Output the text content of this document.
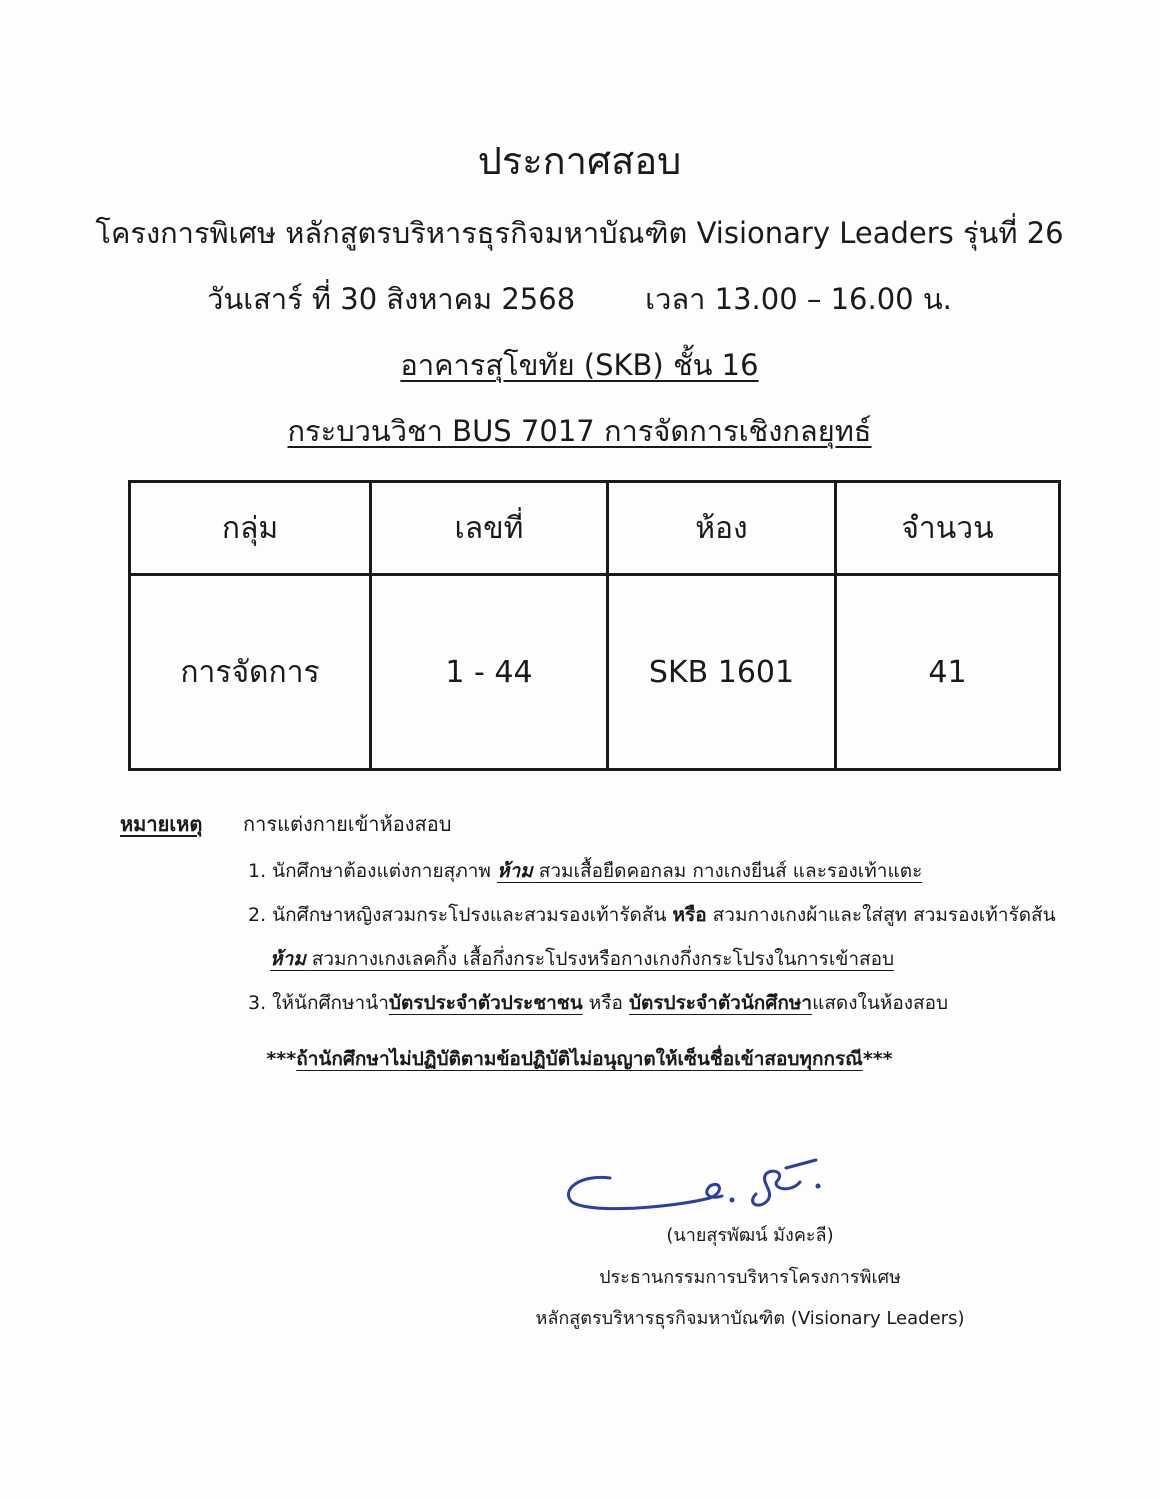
ประกาศสอบ
โครงการพิเศษ หลักสูตรบริหารธุรกิจมหาบัณฑิต Visionary Leaders รุ่นที่ 26
วันเสาร์ ที่ 30 สิงหาคม 2568 เวลา 13.00 – 16.00 น.
อาคารสุโขทัย (SKB) ชั้น 16
กระบวนวิชา BUS 7017 การจัดการเชิงกลยุทธ์
กลุ่ม	เลขที่	ห้อง	จำนวน
การจัดการ	1 - 44	SKB 1601	41
หมายเหตุ การแต่งกายเข้าห้องสอบ
1. นักศึกษาต้องแต่งกายสุภาพ ห้าม สวมเสื้อยืดคอกลม กางเกงยีนส์ และรองเท้าแตะ
2. นักศึกษาหญิงสวมกระโปรงและสวมรองเท้ารัดส้น หรือ สวมกางเกงผ้าและใส่สูท สวมรองเท้ารัดส้น
ห้าม สวมกางเกงเลคกิ้ง เสื้อกึ่งกระโปรงหรือกางเกงกึ่งกระโปรงในการเข้าสอบ
3. ให้นักศึกษานำบัตรประจำตัวประชาชน หรือ บัตรประจำตัวนักศึกษาแสดงในห้องสอบ
***ถ้านักศึกษาไม่ปฏิบัติตามข้อปฏิบัติไม่อนุญาตให้เซ็นชื่อเข้าสอบทุกกรณี***
(นายสุรพัฒน์ มังคะลี)
ประธานกรรมการบริหารโครงการพิเศษ
หลักสูตรบริหารธุรกิจมหาบัณฑิต (Visionary Leaders)
